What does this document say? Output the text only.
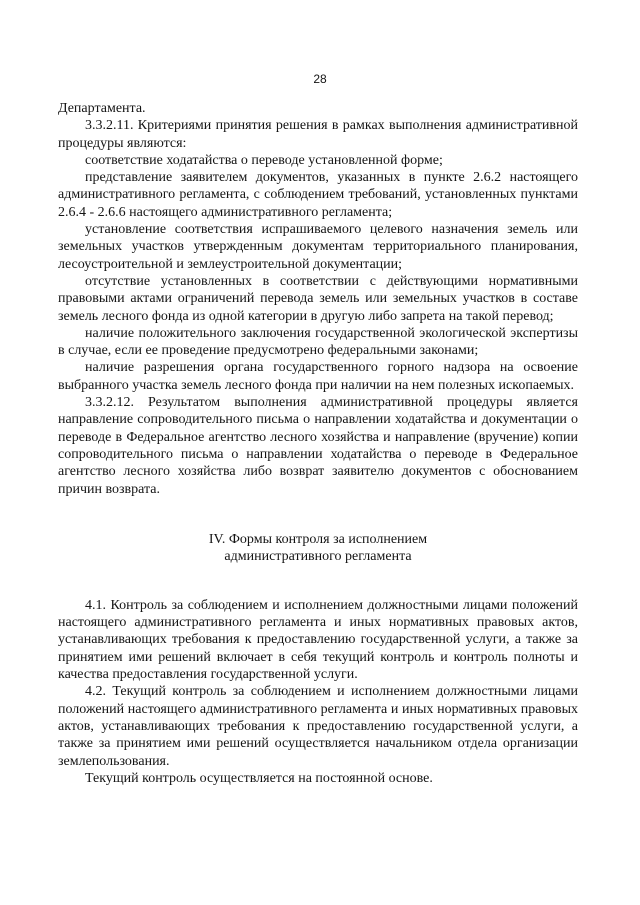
28

Департамента.

3.3.2.11. Критериями принятия решения в рамках выполнения административной процедуры являются:

соответствие ходатайства о переводе установленной форме;

представление заявителем документов, указанных в пункте 2.6.2 настоящего административного регламента, с соблюдением требований, установленных пунктами 2.6.4 - 2.6.6 настоящего административного регламента;

установление соответствия испрашиваемого целевого назначения земель или земельных участков утвержденным документам территориального планирования, лесоустроительной и землеустроительной документации;

отсутствие установленных в соответствии с действующими нормативными правовыми актами ограничений перевода земель или земельных участков в составе земель лесного фонда из одной категории в другую либо запрета на такой перевод;

наличие положительного заключения государственной экологической экспертизы в случае, если ее проведение предусмотрено федеральными законами;

наличие разрешения органа государственного горного надзора на освоение выбранного участка земель лесного фонда при наличии на нем полезных ископаемых.

3.3.2.12. Результатом выполнения административной процедуры является направление сопроводительного письма о направлении ходатайства и документации о переводе в Федеральное агентство лесного хозяйства и направление (вручение) копии сопроводительного письма о направлении ходатайства о переводе в Федеральное агентство лесного хозяйства либо возврат заявителю документов с обоснованием причин возврата.

IV. Формы контроля за исполнением
административного регламента

4.1. Контроль за соблюдением и исполнением должностными лицами положений настоящего административного регламента и иных нормативных правовых актов, устанавливающих требования к предоставлению государственной услуги, а также за принятием ими решений включает в себя текущий контроль и контроль полноты и качества предоставления государственной услуги.

4.2. Текущий контроль за соблюдением и исполнением должностными лицами положений настоящего административного регламента и иных нормативных правовых актов, устанавливающих требования к предоставлению государственной услуги, а также за принятием ими решений осуществляется начальником отдела организации землепользования.

Текущий контроль осуществляется на постоянной основе.
